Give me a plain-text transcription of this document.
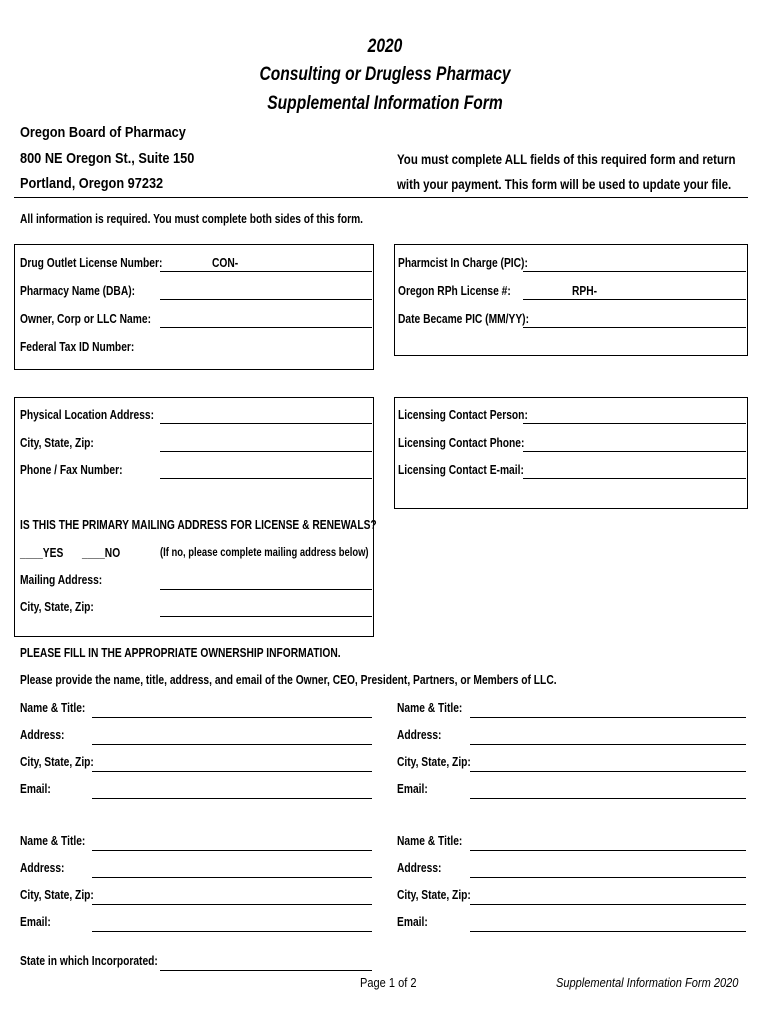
2020
Consulting or Drugless Pharmacy
Supplemental Information Form
Oregon Board of Pharmacy
800 NE Oregon St., Suite 150
Portland, Oregon 97232
You must complete ALL fields of this required form and return
with your payment. This form will be used to update your file.
All information is required. You must complete both sides of this form.
Drug Outlet License Number:	CON-
Pharmacy Name (DBA):
Owner, Corp or LLC Name:
Federal Tax ID Number:
Pharmcist In Charge (PIC):
Oregon RPh License #:	RPH-
Date Became PIC (MM/YY):
Physical Location Address:
City, State, Zip:
Phone / Fax Number:
IS THIS THE PRIMARY MAILING ADDRESS FOR LICENSE & RENEWALS?
____YES ____NO	(If no, please complete mailing address below)
Mailing Address:
City, State, Zip:
Licensing Contact Person:
Licensing Contact Phone:
Licensing Contact E-mail:
PLEASE FILL IN THE APPROPRIATE OWNERSHIP INFORMATION.
Please provide the name, title, address, and email of the Owner, CEO, President, Partners, or Members of LLC.
Name & Title:
Address:
City, State, Zip:
Email:
Name & Title:
Address:
City, State, Zip:
Email:
Name & Title:
Address:
City, State, Zip:
Email:
Name & Title:
Address:
City, State, Zip:
Email:
State in which Incorporated:
Page 1 of 2	Supplemental Information Form 2020
